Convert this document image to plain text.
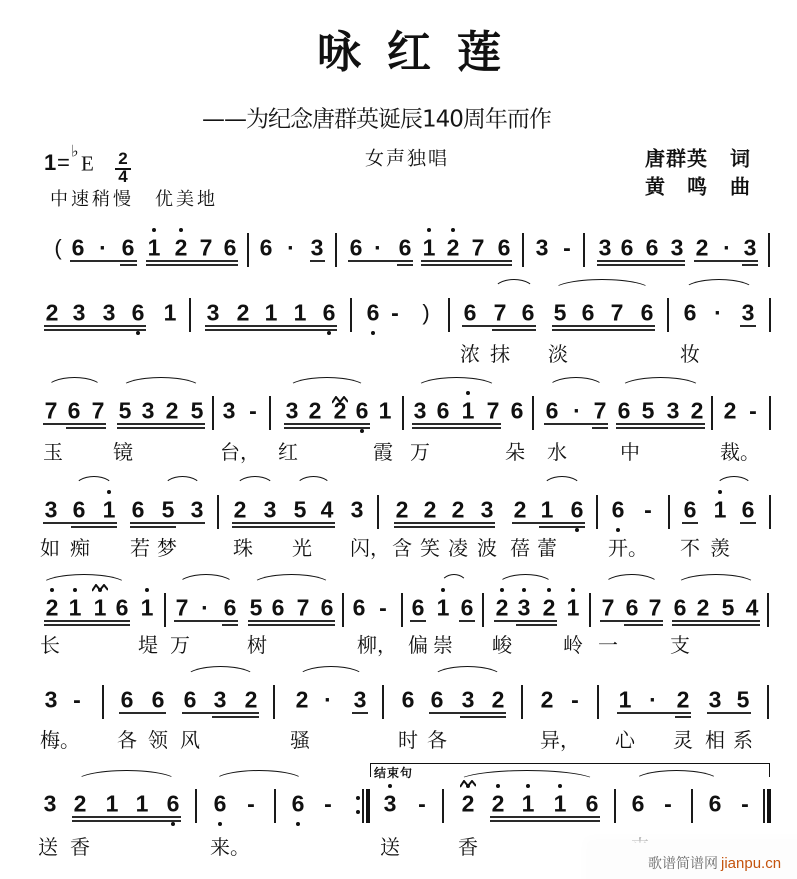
咏红莲
——为纪念唐群英诞辰140周年而作
1 = ♭
E 2
4
女声独唱
中速稍慢　优美地
唐群英 词
黄　鸣 曲
( 6 · 6 1 2 7 6 6 · 3 6 · 6 1 2 7 6 3 - 3 6 6 3 2 · 3
2 3 3 6 1 3 2 1 1 6 6 - ) 6 7 6 5 6 7 6 6 · 3
浓 抹 淡	妆
7 6 7 5 3 2 5 3 - 3 2 2 6 1 3 6 1 7 6 6 · 7 6 5 3 2 2 -
玉	镜	台， 红	霞 万	朵 水	中	裁。
3 6 1 6 5 3 2 3 5 4 3 2 2 2 3 2 1 6 6 - 6 1 6
如 痴 若 梦	珠 光 闪， 含 笑 凌 波 蓓 蕾	开。 不 羡
2 1 1 6 1 7 · 6 5 6 7 6 6 - 6 1 6 2 3 2 1 7 6 7 6 2 5 4
长	堤 万	树	柳， 偏 崇 峻	岭 一	支
3 - 6 6 6 3 2 2 · 3 6 6 3 2 2 - 1 · 2 3 5
梅。 各 领 风	骚	时 各	异， 心 灵 相 系
3 2 1 1 6 6 - 6 - 3 - 2 2 1 1 6 6 - 6 -
送 香	来。	送	香
结束句
歌谱简谱网 jianpu.cn
